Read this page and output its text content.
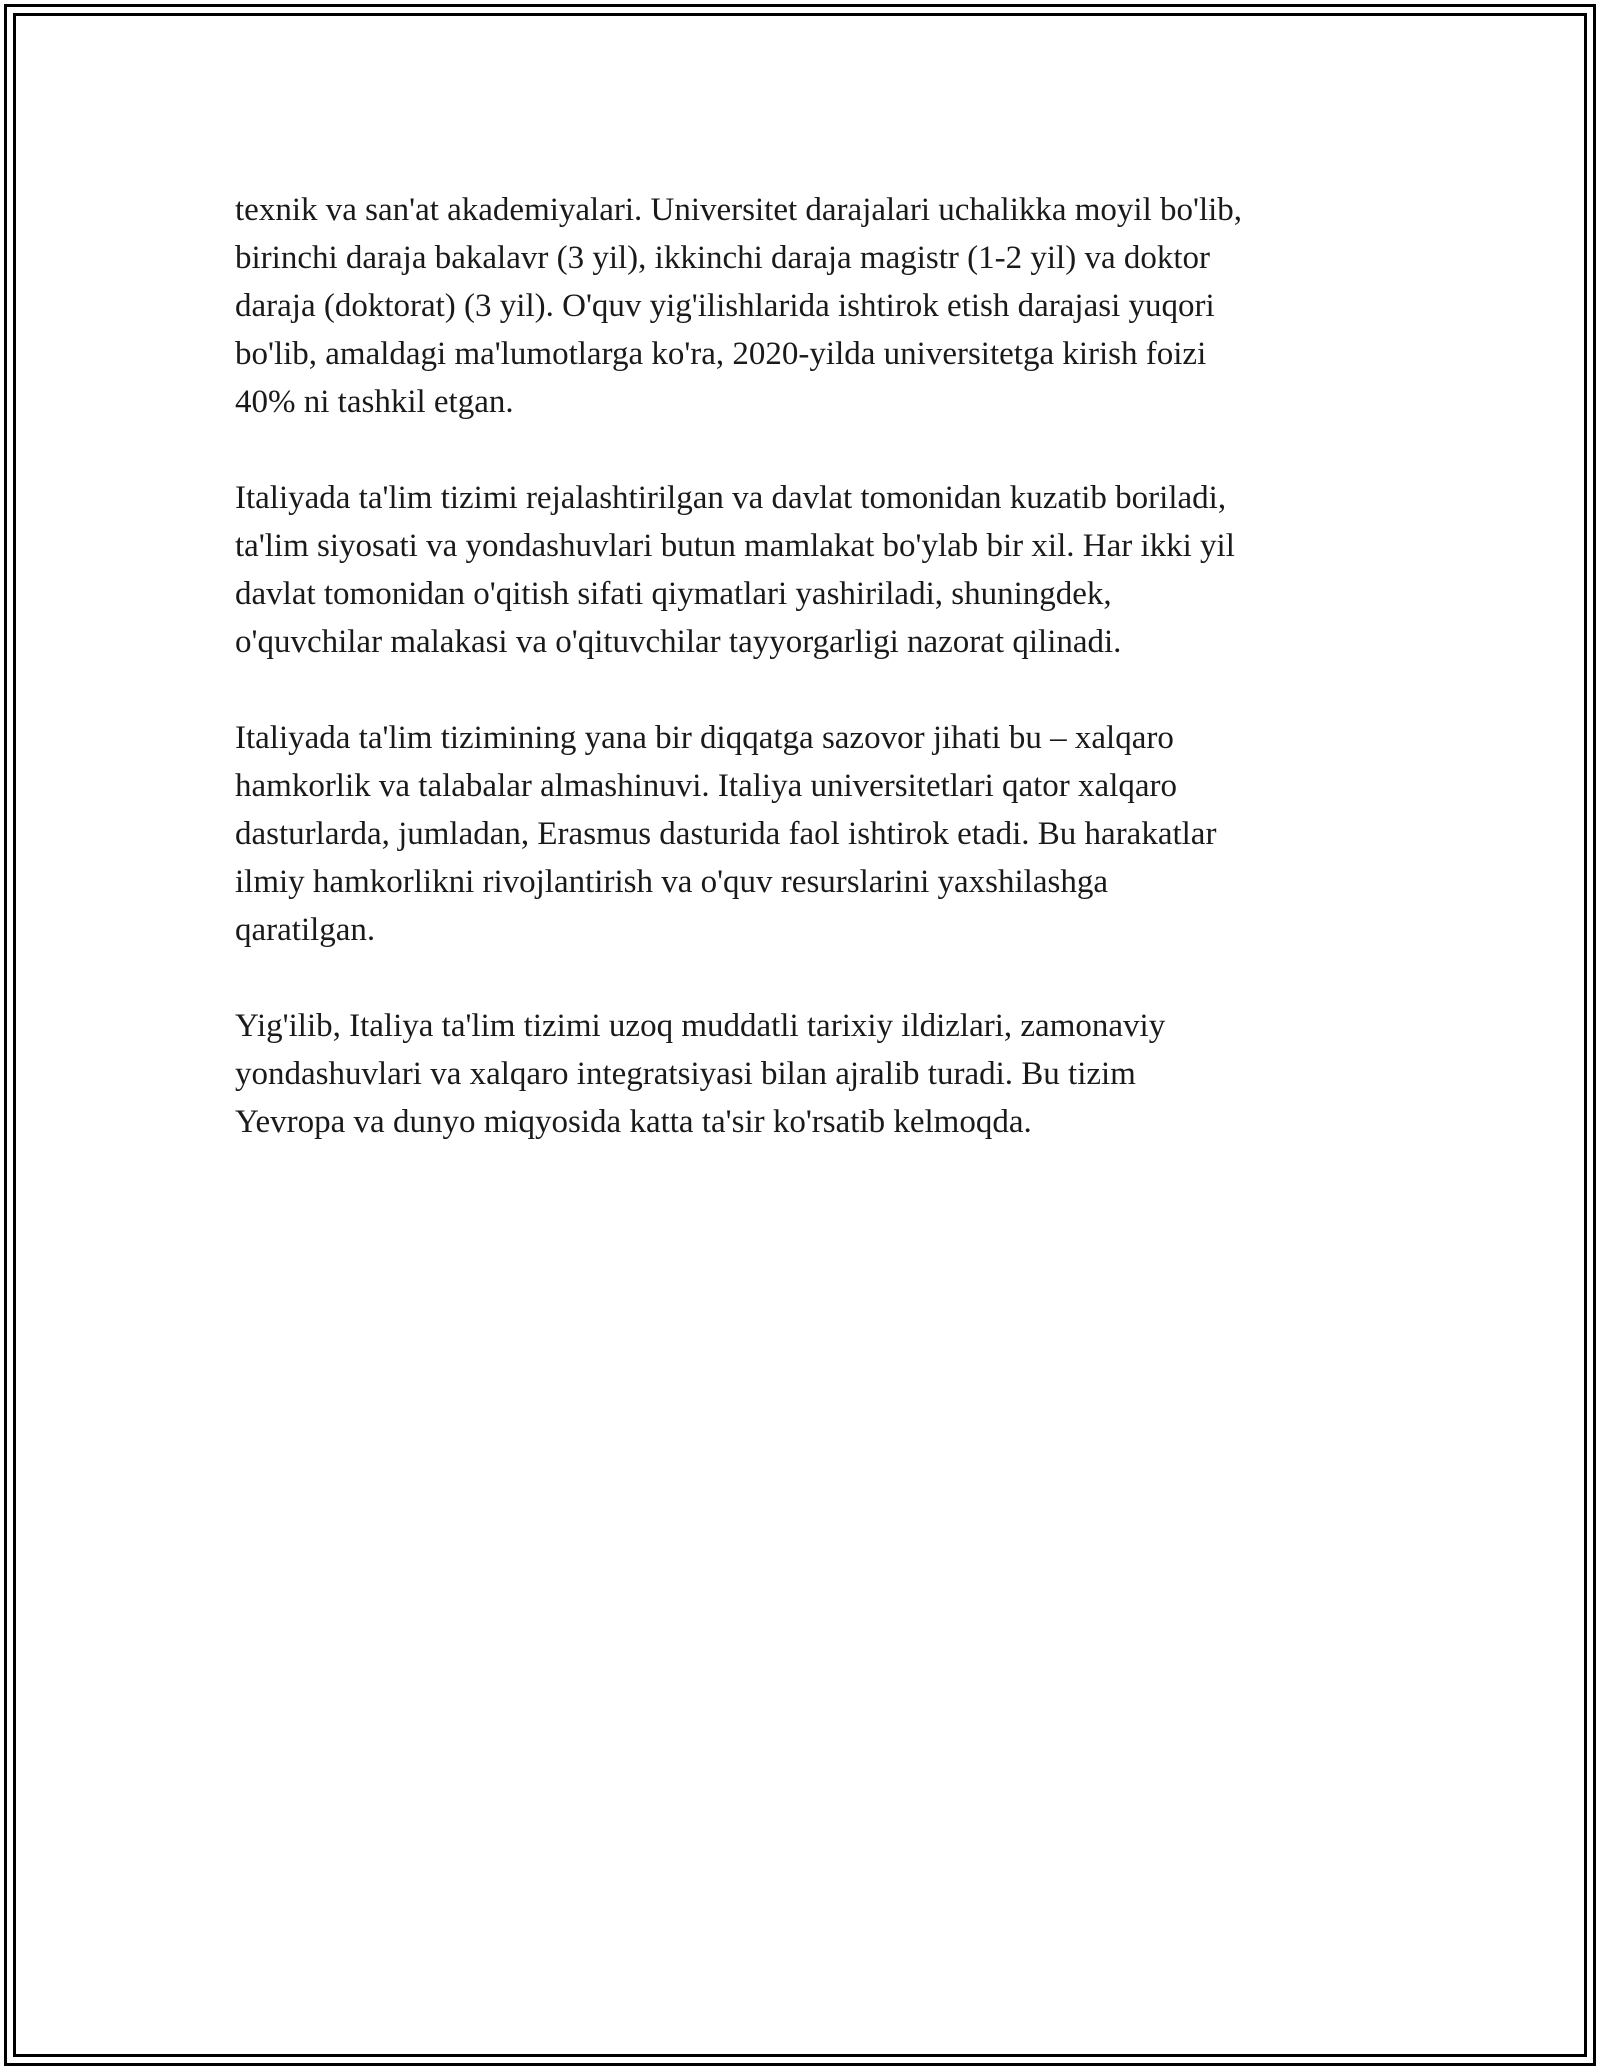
texnik va san'at akademiyalari. Universitet darajalari uchalikka moyil bo'lib,
birinchi daraja bakalavr (3 yil), ikkinchi daraja magistr (1-2 yil) va doktor
daraja (doktorat) (3 yil). O'quv yig'ilishlarida ishtirok etish darajasi yuqori
bo'lib, amaldagi ma'lumotlarga ko'ra, 2020-yilda universitetga kirish foizi
40% ni tashkil etgan.

Italiyada ta'lim tizimi rejalashtirilgan va davlat tomonidan kuzatib boriladi,
ta'lim siyosati va yondashuvlari butun mamlakat bo'ylab bir xil. Har ikki yil
davlat tomonidan o'qitish sifati qiymatlari yashiriladi, shuningdek,
o'quvchilar malakasi va o'qituvchilar tayyorgarligi nazorat qilinadi.

Italiyada ta'lim tizimining yana bir diqqatga sazovor jihati bu – xalqaro
hamkorlik va talabalar almashinuvi. Italiya universitetlari qator xalqaro
dasturlarda, jumladan, Erasmus dasturida faol ishtirok etadi. Bu harakatlar
ilmiy hamkorlikni rivojlantirish va o'quv resurslarini yaxshilashga
qaratilgan.

Yig'ilib, Italiya ta'lim tizimi uzoq muddatli tarixiy ildizlari, zamonaviy
yondashuvlari va xalqaro integratsiyasi bilan ajralib turadi. Bu tizim
Yevropa va dunyo miqyosida katta ta'sir ko'rsatib kelmoqda.
